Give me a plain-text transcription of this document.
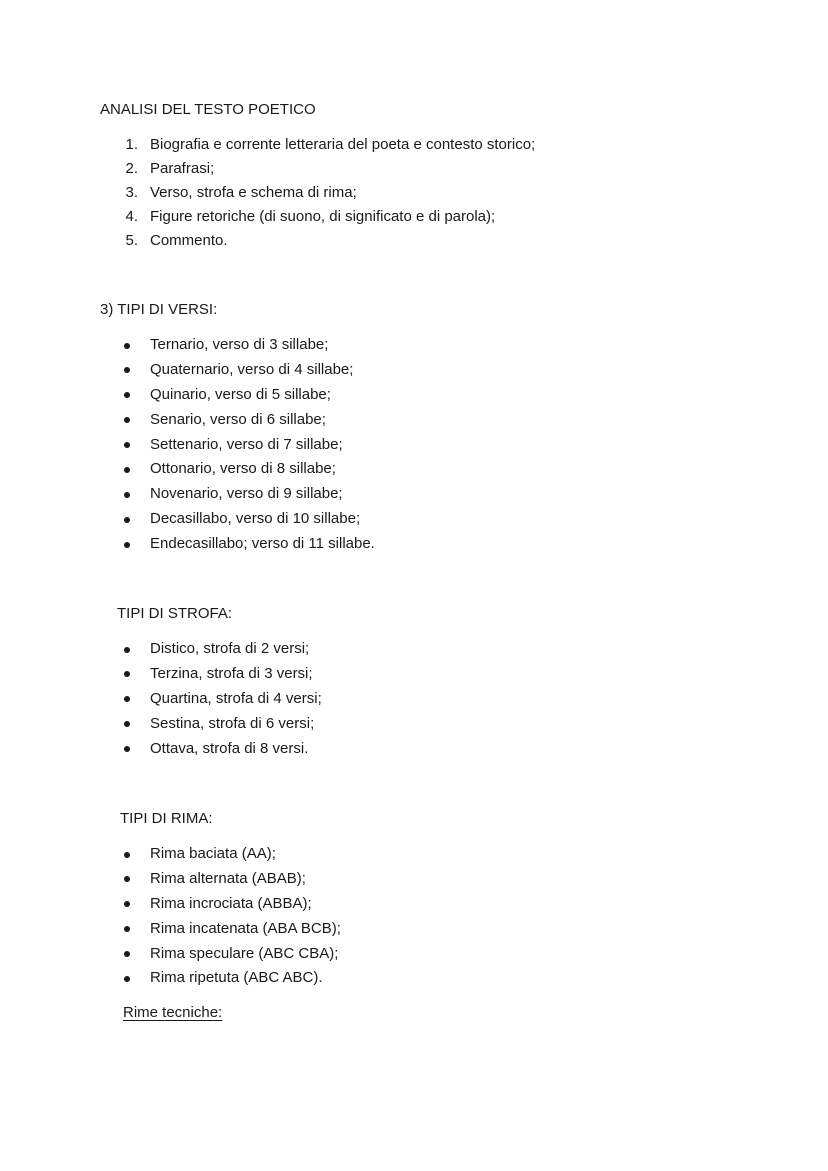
ANALISI DEL TESTO POETICO
1. Biografia e corrente letteraria del poeta e contesto storico;
2. Parafrasi;
3. Verso, strofa e schema di rima;
4. Figure retoriche (di suono, di significato e di parola);
5. Commento.
3) TIPI DI VERSI:
Ternario, verso di 3 sillabe;
Quaternario, verso di 4 sillabe;
Quinario, verso di 5 sillabe;
Senario, verso di 6 sillabe;
Settenario, verso di 7 sillabe;
Ottonario, verso di 8 sillabe;
Novenario, verso di 9 sillabe;
Decasillabo, verso di 10 sillabe;
Endecasillabo; verso di 11 sillabe.
TIPI DI STROFA:
Distico, strofa di 2 versi;
Terzina, strofa di 3 versi;
Quartina, strofa di 4 versi;
Sestina, strofa di 6 versi;
Ottava, strofa di 8 versi.
TIPI DI RIMA:
Rima baciata (AA);
Rima alternata (ABAB);
Rima incrociata (ABBA);
Rima incatenata (ABA BCB);
Rima speculare (ABC CBA);
Rima ripetuta (ABC ABC).
Rime tecniche:
